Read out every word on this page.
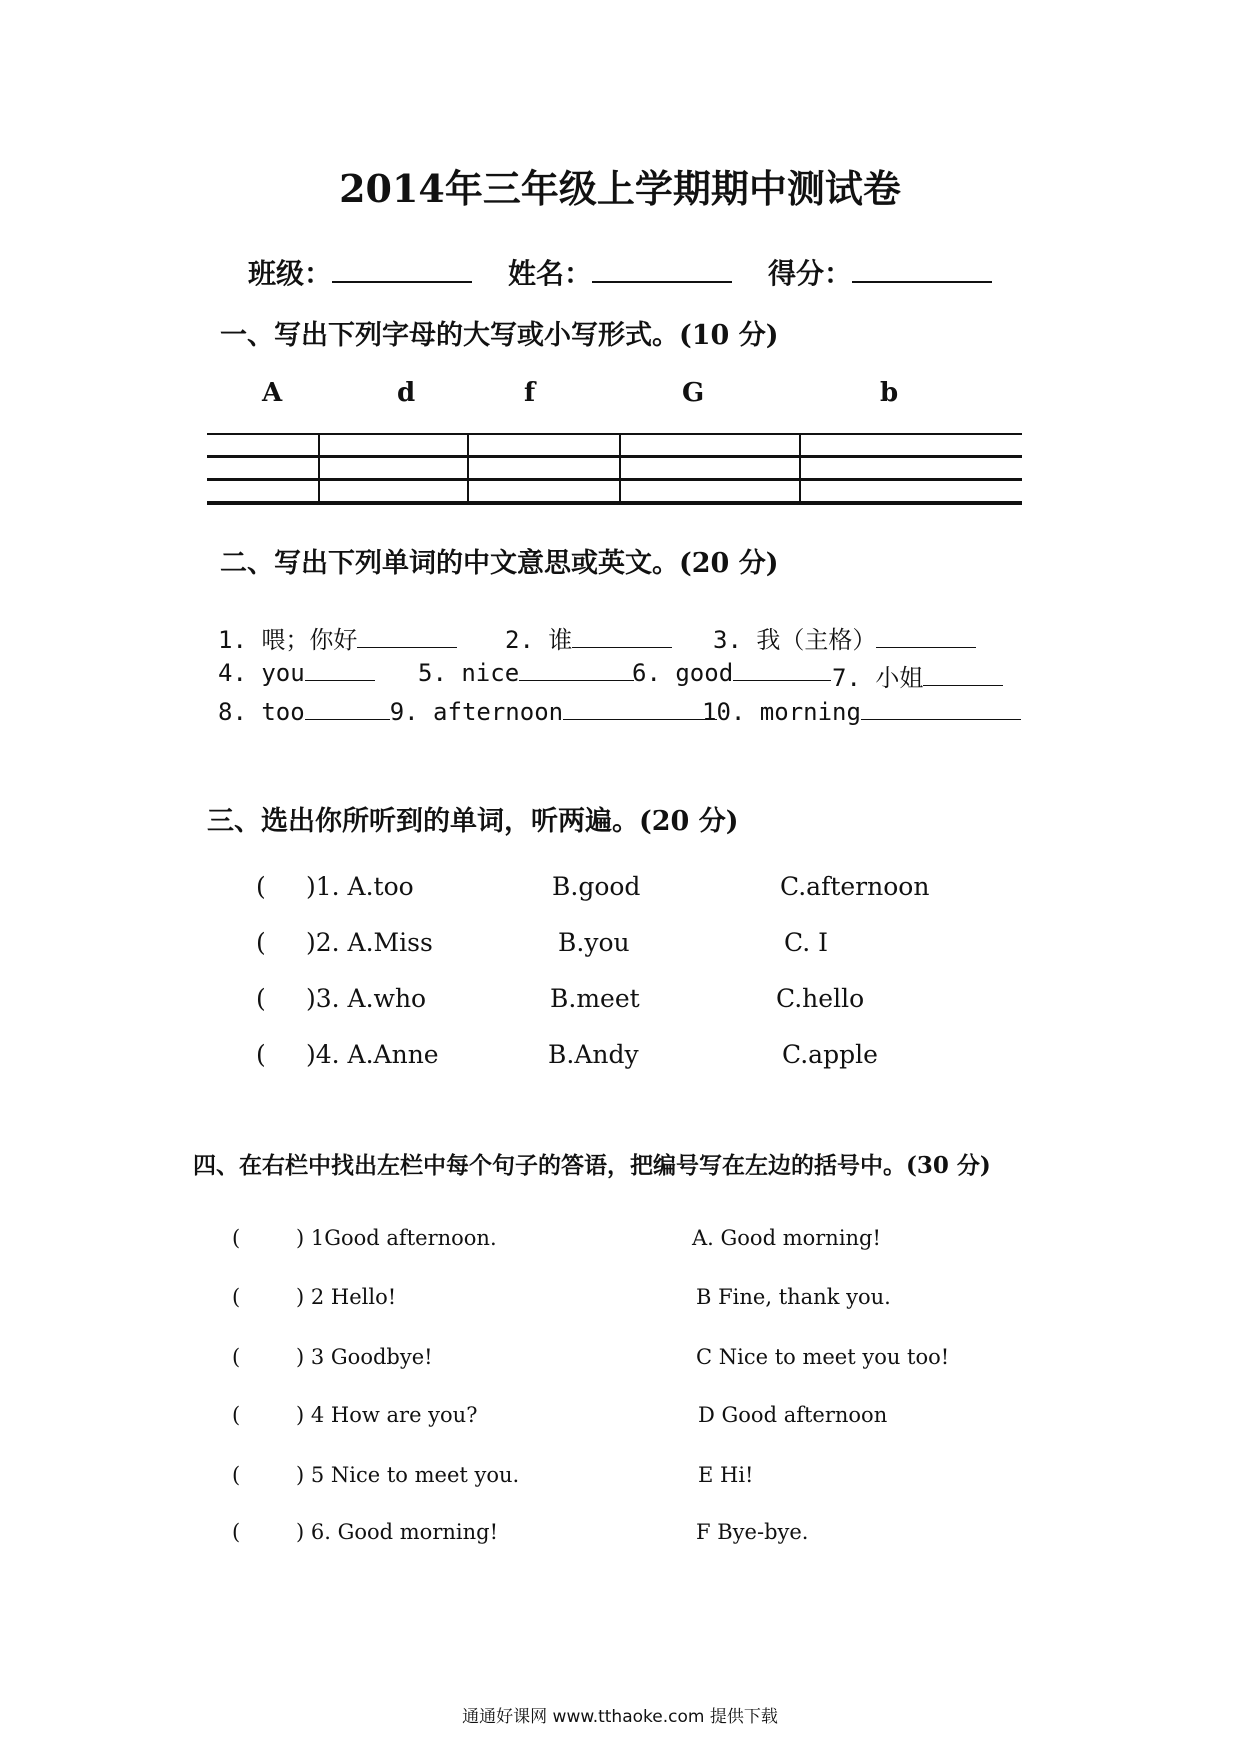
2014年三年级上学期期中测试卷
班级：	姓名：	得分：
一、写出下列字母的大写或小写形式。(10 分)
A	d	f	G	b
二、写出下列单词的中文意思或英文。(20 分)
1. 喂；你好	2. 谁	3. 我（主格）
4. you	5. nice	6. good	7. 小姐
8. too	9. afternoon	10. morning
三、选出你所听到的单词，听两遍。(20 分)
( )1. A.too	B.good	C.afternoon
( )2. A.Miss	B.you	C. I
( )3. A.who	B.meet	C.hello
( )4. A.Anne	B.Andy	C.apple
四、在右栏中找出左栏中每个句子的答语，把编号写在左边的括号中。(30 分)
(	) 1Good afternoon.	A. Good morning!
(	) 2 Hello!	B Fine, thank you.
(	) 3 Goodbye!	C Nice to meet you too!
(	) 4 How are you?	D Good afternoon
(	) 5 Nice to meet you.	E Hi!
(	) 6. Good morning!	F Bye-bye.
通通好课网 www.tthaoke.com 提供下载
